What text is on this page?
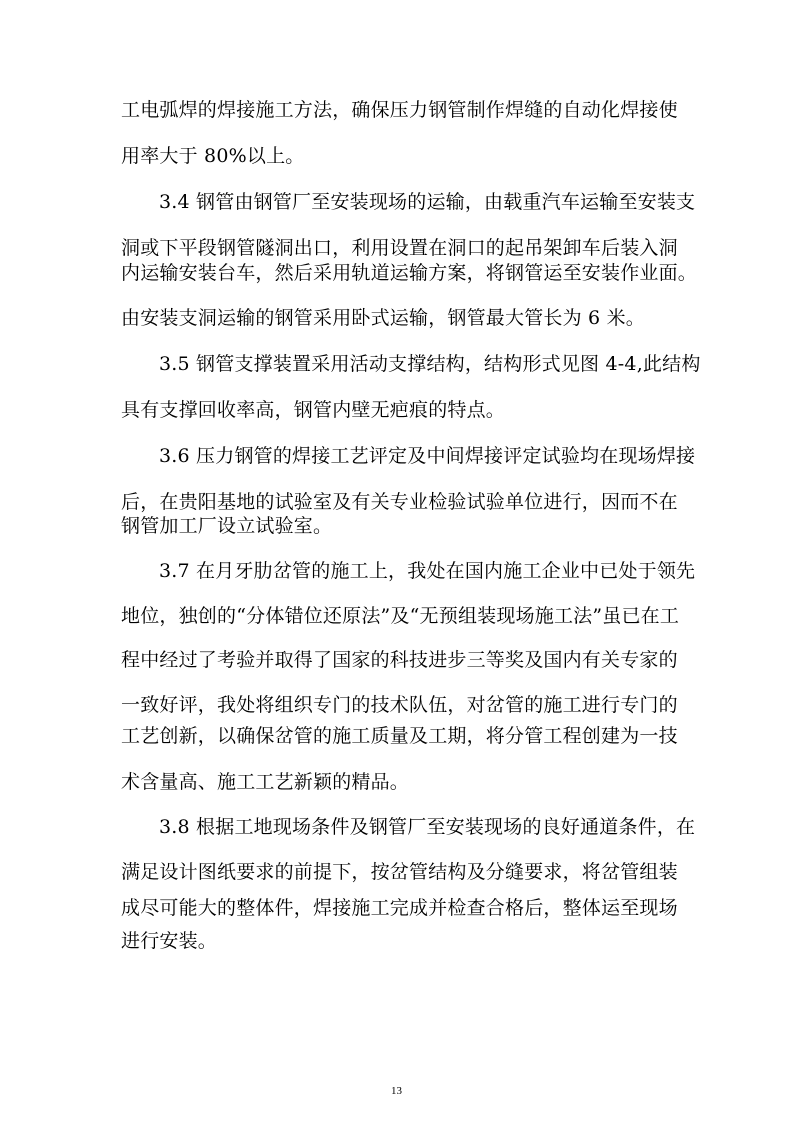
工电弧焊的焊接施工方法，确保压力钢管制作焊缝的自动化焊接使
用率大于 80%以上。
3.4 钢管由钢管厂至安装现场的运输，由载重汽车运输至安装支
洞或下平段钢管隧洞出口，利用设置在洞口的起吊架卸车后装入洞
内运输安装台车，然后采用轨道运输方案，将钢管运至安装作业面。
由安装支洞运输的钢管采用卧式运输，钢管最大管长为 6 米。
3.5 钢管支撑装置采用活动支撑结构，结构形式见图 4-4,此结构
具有支撑回收率高，钢管内壁无疤痕的特点。
3.6 压力钢管的焊接工艺评定及中间焊接评定试验均在现场焊接
后，在贵阳基地的试验室及有关专业检验试验单位进行，因而不在
钢管加工厂设立试验室。
3.7 在月牙肋岔管的施工上，我处在国内施工企业中已处于领先
地位，独创的“分体错位还原法”及“无预组装现场施工法”虽已在工
程中经过了考验并取得了国家的科技进步三等奖及国内有关专家的
一致好评，我处将组织专门的技术队伍，对岔管的施工进行专门的
工艺创新，以确保岔管的施工质量及工期，将分管工程创建为一技
术含量高、施工工艺新颖的精品。
3.8 根据工地现场条件及钢管厂至安装现场的良好通道条件，在
满足设计图纸要求的前提下，按岔管结构及分缝要求，将岔管组装
成尽可能大的整体件，焊接施工完成并检查合格后，整体运至现场
进行安装。
13
